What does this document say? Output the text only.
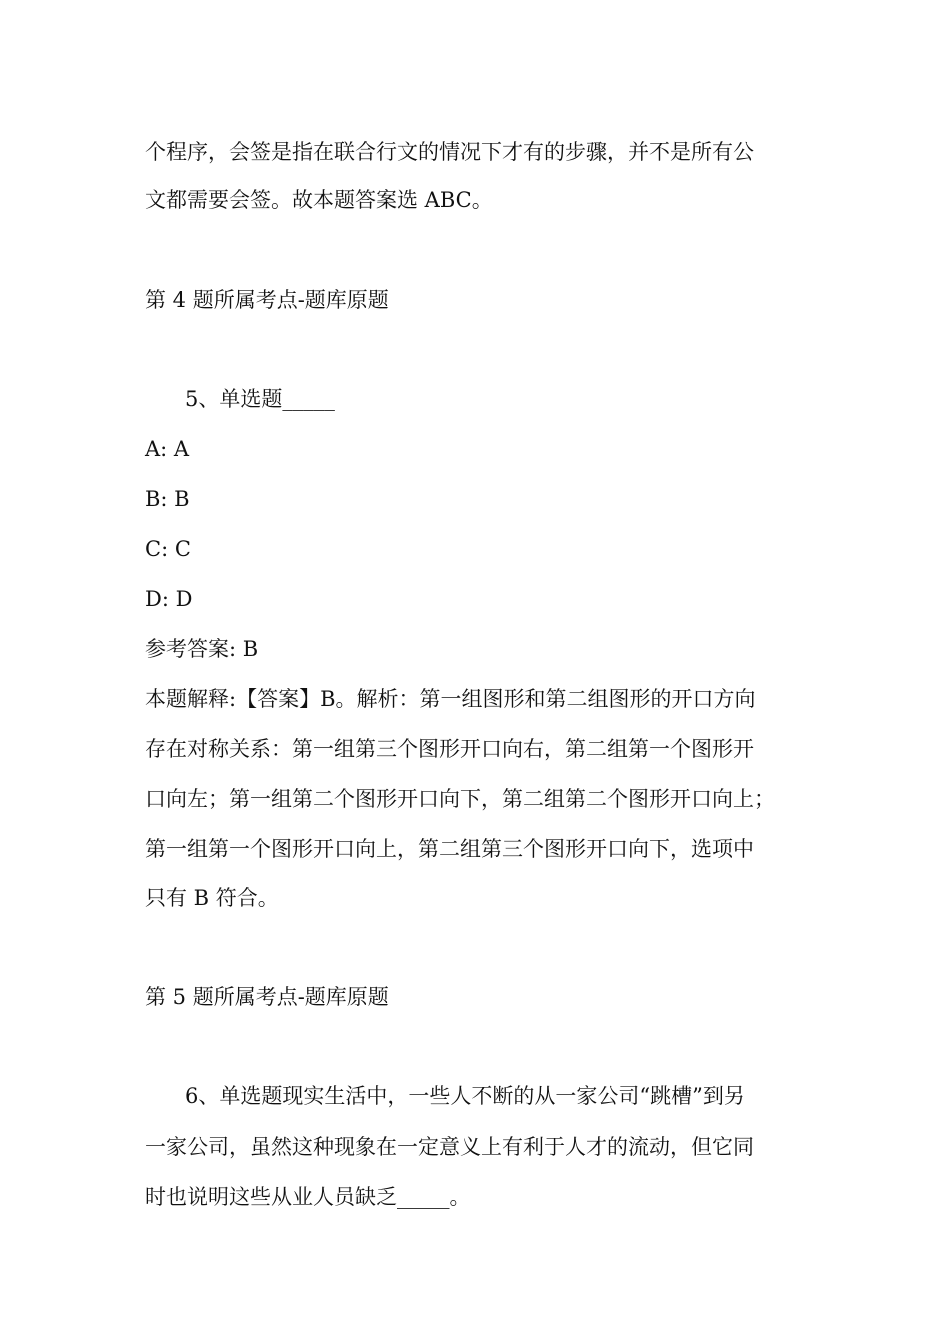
个程序，会签是指在联合行文的情况下才有的步骤，并不是所有公

文都需要会签。故本题答案选 ABC。

第 4 题所属考点-题库原题

5、单选题_____

A: A

B: B

C: C

D: D

参考答案: B

本题解释:【答案】B。解析：第一组图形和第二组图形的开口方向

存在对称关系：第一组第三个图形开口向右，第二组第一个图形开

口向左；第一组第二个图形开口向下，第二组第二个图形开口向上；

第一组第一个图形开口向上，第二组第三个图形开口向下，选项中

只有 B 符合。

第 5 题所属考点-题库原题

6、单选题现实生活中，一些人不断的从一家公司“跳槽”到另

一家公司，虽然这种现象在一定意义上有利于人才的流动，但它同

时也说明这些从业人员缺乏_____。
